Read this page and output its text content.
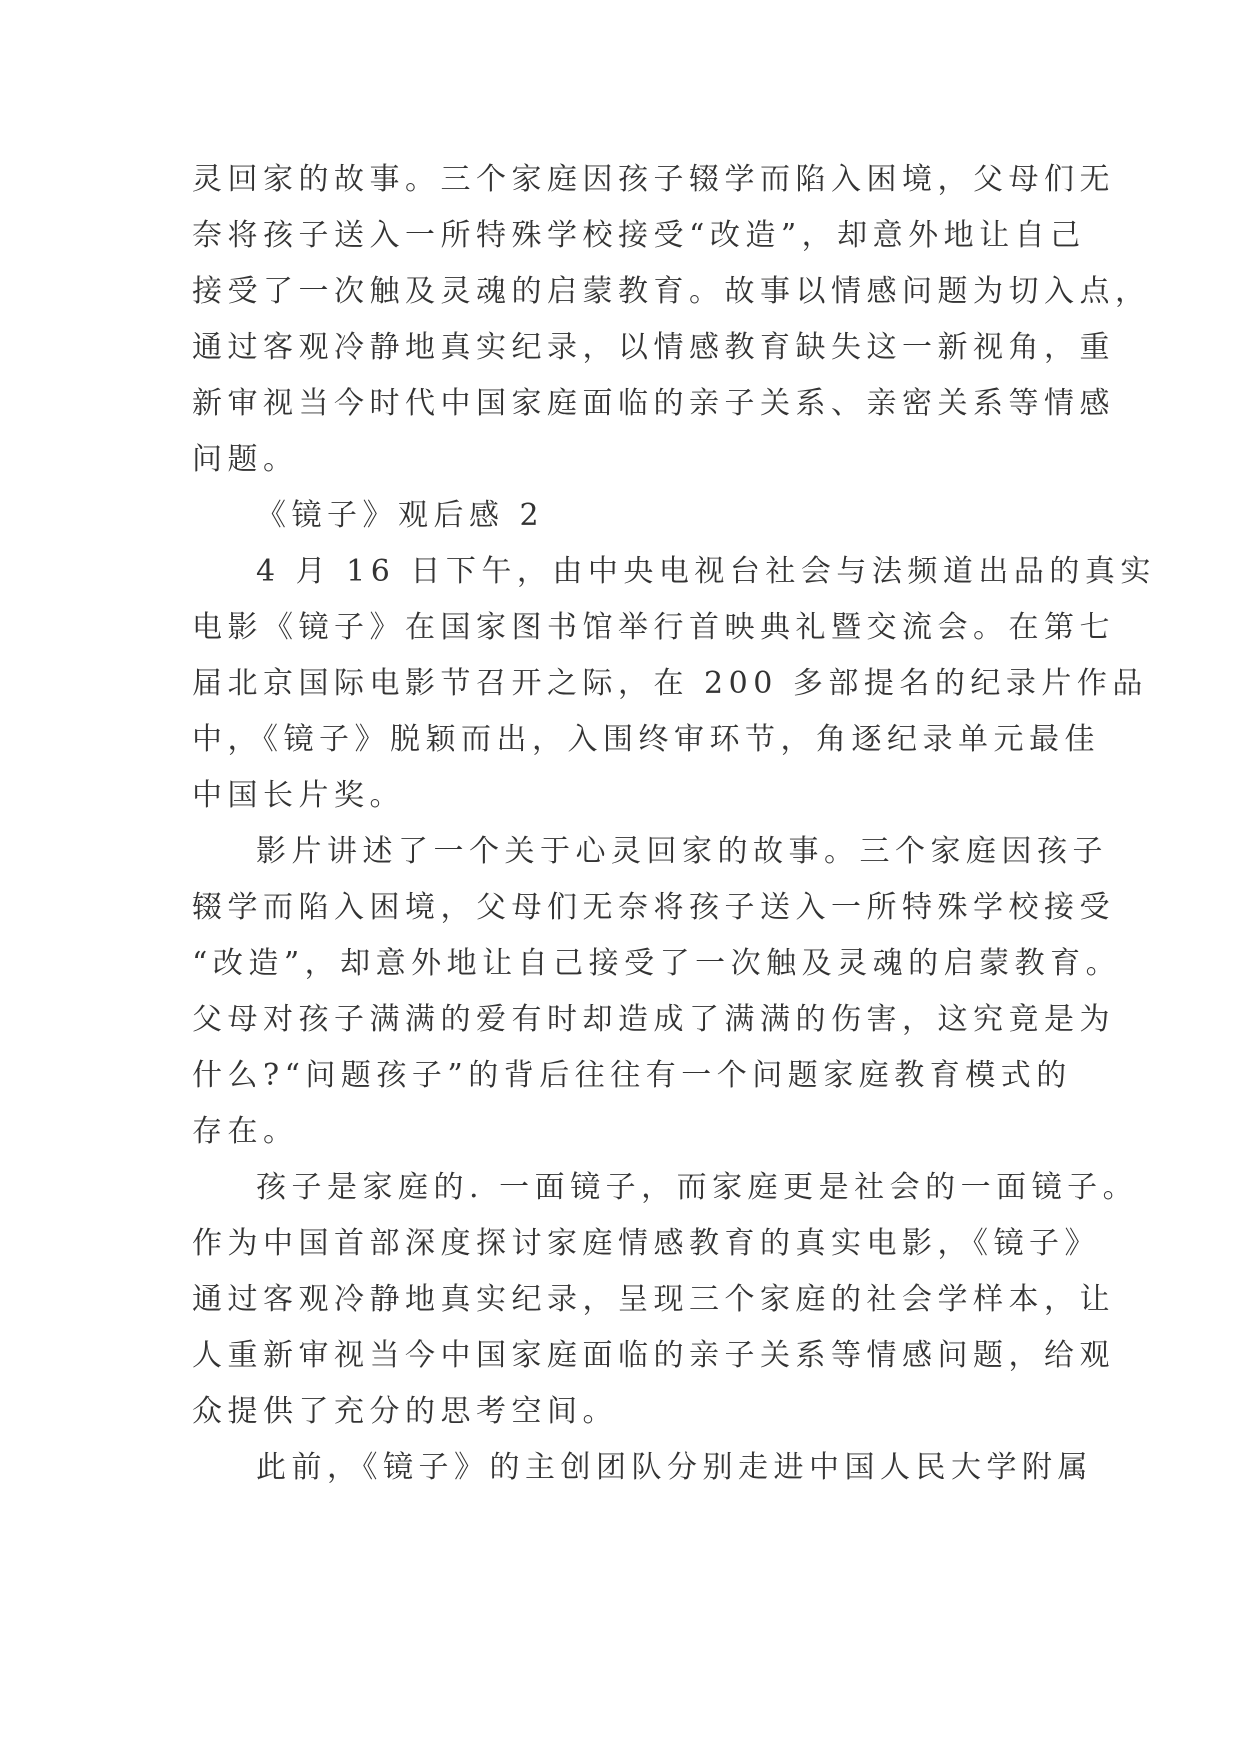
灵回家的故事。三个家庭因孩子辍学而陷入困境，父母们无
奈将孩子送入一所特殊学校接受“改造”，却意外地让自己
接受了一次触及灵魂的启蒙教育。故事以情感问题为切入点，
通过客观冷静地真实纪录，以情感教育缺失这一新视角，重
新审视当今时代中国家庭面临的亲子关系、亲密关系等情感
问题。
《镜子》观后感 2
4 月 16 日下午，由中央电视台社会与法频道出品的真实
电影《镜子》在国家图书馆举行首映典礼暨交流会。在第七
届北京国际电影节召开之际，在 200 多部提名的纪录片作品
中，《镜子》脱颖而出，入围终审环节，角逐纪录单元最佳
中国长片奖。
影片讲述了一个关于心灵回家的故事。三个家庭因孩子
辍学而陷入困境，父母们无奈将孩子送入一所特殊学校接受
“改造”，却意外地让自己接受了一次触及灵魂的启蒙教育。
父母对孩子满满的爱有时却造成了满满的伤害，这究竟是为
什么?“问题孩子”的背后往往有一个问题家庭教育模式的
存在。
孩子是家庭的. 一面镜子，而家庭更是社会的一面镜子。
作为中国首部深度探讨家庭情感教育的真实电影，《镜子》
通过客观冷静地真实纪录，呈现三个家庭的社会学样本，让
人重新审视当今中国家庭面临的亲子关系等情感问题，给观
众提供了充分的思考空间。
此前，《镜子》的主创团队分别走进中国人民大学附属
